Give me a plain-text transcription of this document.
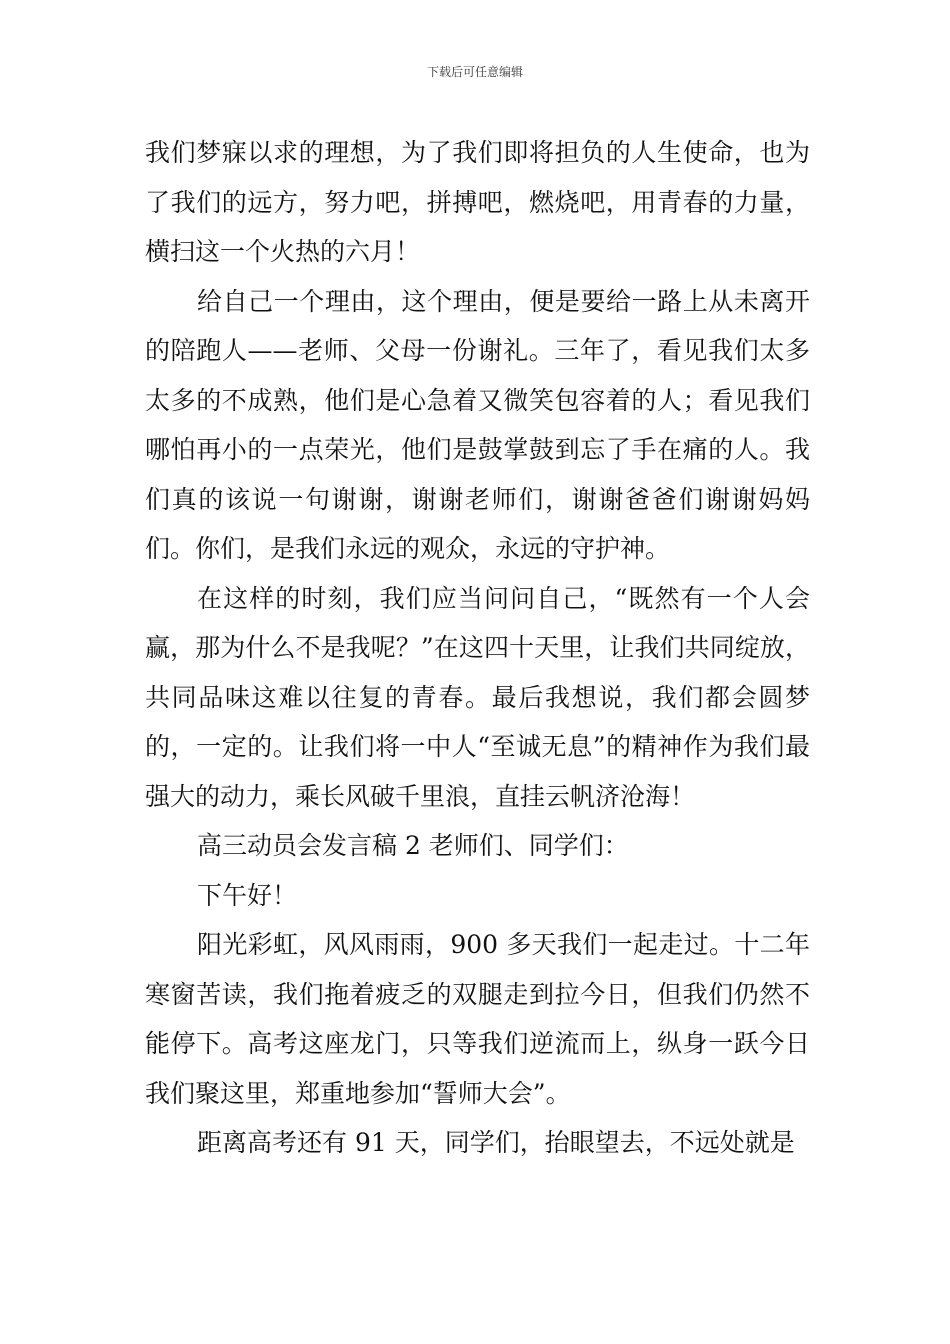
下载后可任意编辑

我们梦寐以求的理想，为了我们即将担负的人生使命，也为了我们的远方，努力吧，拼搏吧，燃烧吧，用青春的力量，横扫这一个火热的六月！

给自己一个理由，这个理由，便是要给一路上从未离开的陪跑人——老师、父母一份谢礼。三年了，看见我们太多太多的不成熟，他们是心急着又微笑包容着的人；看见我们哪怕再小的一点荣光，他们是鼓掌鼓到忘了手在痛的人。我们真的该说一句谢谢，谢谢老师们，谢谢爸爸们谢谢妈妈们。你们，是我们永远的观众，永远的守护神。

在这样的时刻，我们应当问问自己，“既然有一个人会赢，那为什么不是我呢？”在这四十天里，让我们共同绽放，共同品味这难以往复的青春。最后我想说，我们都会圆梦的，一定的。让我们将一中人“至诚无息”的精神作为我们最强大的动力，乘长风破千里浪，直挂云帆济沧海！

高三动员会发言稿 2 老师们、同学们：

下午好！

阳光彩虹，风风雨雨，900 多天我们一起走过。十二年寒窗苦读，我们拖着疲乏的双腿走到拉今日，但我们仍然不能停下。高考这座龙门，只等我们逆流而上，纵身一跃今日我们聚这里，郑重地参加“誓师大会”。

距离高考还有 91 天，同学们，抬眼望去，不远处就是
